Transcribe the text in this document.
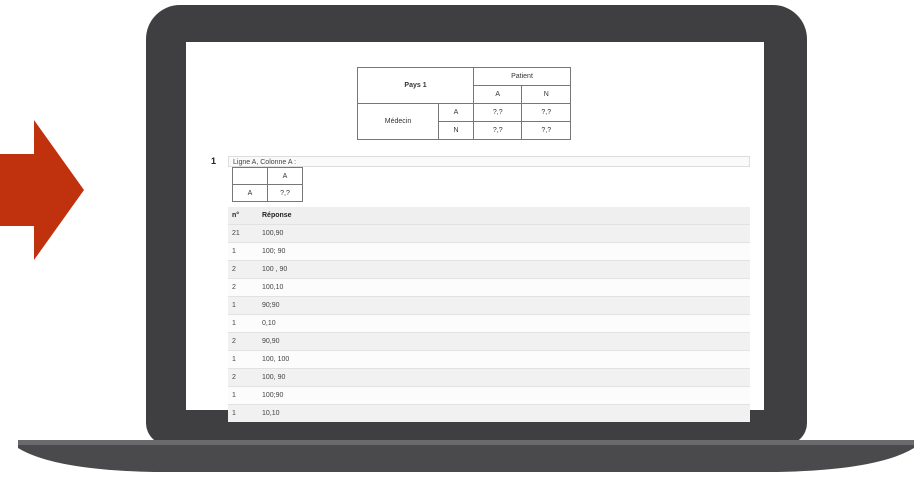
Pays 1		Patient	
		A	N
Médecin	A	?,?	?,?
	N	?,?	?,?
1	Ligne A, Colonne A :
	A
A	?,?
n°	Réponse
21	100,90
1	100; 90
2	100 , 90
2	100,10
1	90;90
1	0,10
2	90,90
1	100, 100
2	100, 90
1	100;90
1	10,10
